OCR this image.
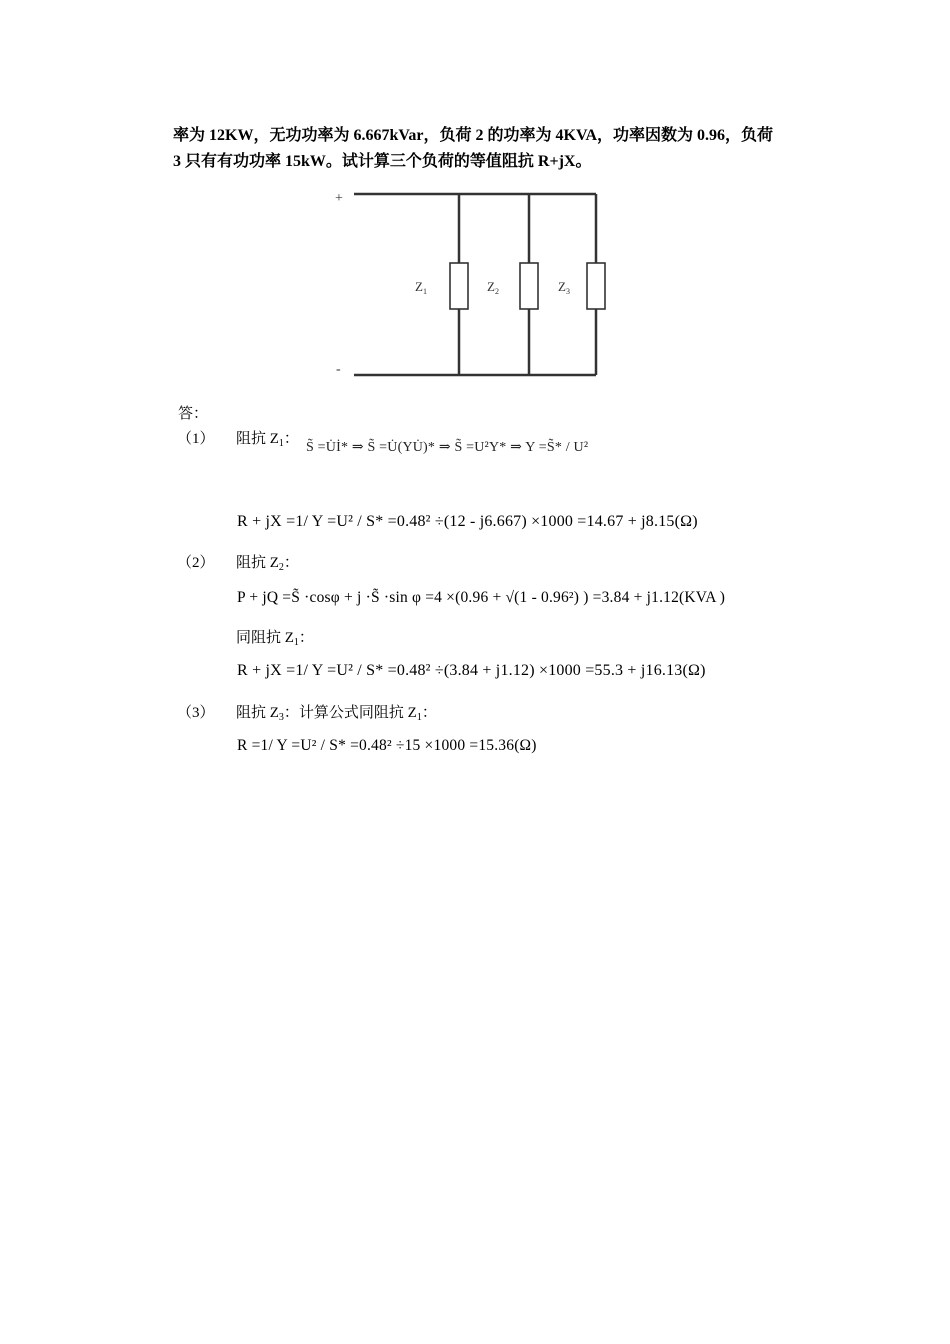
率为 12KW，无功功率为 6.667kVar，负荷 2 的功率为 4KVA，功率因数为 0.96，负荷
3 只有有功功率 15kW。试计算三个负荷的等值阻抗 R+jX。
+
-
$Z_1$	$Z_2$	$Z_3$
答：
（1） 阻抗 $Z_1$：
S̃ =U̇İ* ⇒ S̃ =U̇(YU̇)* ⇒ S̃ =U²Y* ⇒ Y =S̃* / U²
R + jX =1/ Y =U² / S* =0.48² ÷(12 - j6.667) ×1000 =14.67 + j8.15(Ω)
（2） 阻抗 $Z_2$：
P + jQ =S̃ ·cosφ + j ·S̃ ·sin φ =4 ×(0.96 + √(1 - 0.96²) ) =3.84 + j1.12(KVA )
同阻抗 $Z_1$：
R + jX =1/ Y =U² / S* =0.48² ÷(3.84 + j1.12) ×1000 =55.3 + j16.13(Ω)
（3） 阻抗 $Z_3$：计算公式同阻抗 $Z_1$：
R =1/ Y =U² / S* =0.48² ÷15 ×1000 =15.36(Ω)
